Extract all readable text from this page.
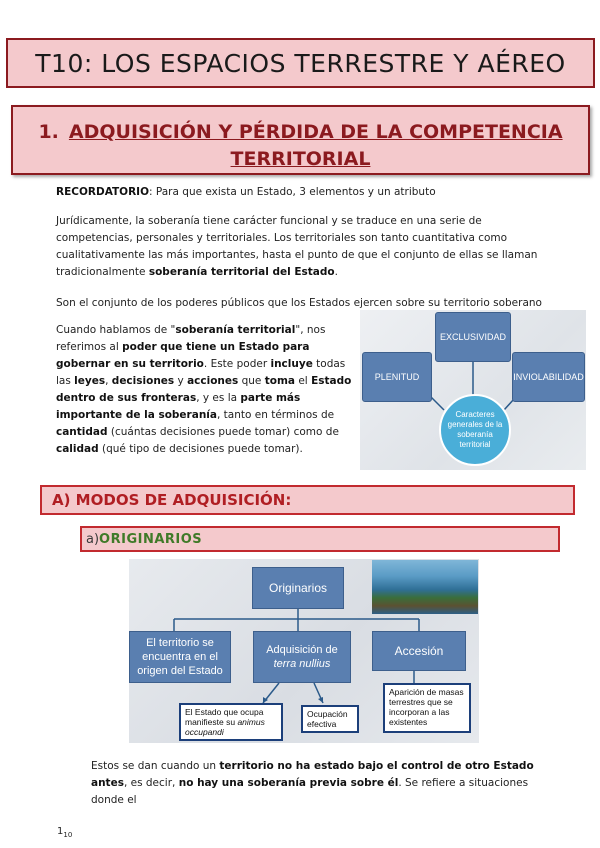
T10: LOS ESPACIOS TERRESTRE Y AÉREO
1. ADQUISICIÓN Y PÉRDIDA DE LA COMPETENCIA TERRITORIAL
RECORDATORIO: Para que exista un Estado, 3 elementos y un atributo
Jurídicamente, la soberanía tiene carácter funcional y se traduce en una serie de competencias, personales y territoriales. Los territoriales son tanto cuantitativa como cualitativamente las más importantes, hasta el punto de que el conjunto de ellas se llaman tradicionalmente soberanía territorial del Estado.
Son el conjunto de los poderes públicos que los Estados ejercen sobre su territorio soberano
Cuando hablamos de "soberanía territorial", nos referimos al poder que tiene un Estado para gobernar en su territorio. Este poder incluye todas las leyes, decisiones y acciones que toma el Estado dentro de sus fronteras, y es la parte más importante de la soberanía, tanto en términos de cantidad (cuántas decisiones puede tomar) como de calidad (qué tipo de decisiones puede tomar).
EXCLUSIVIDAD
PLENITUD	INVIOLABILIDAD
Caracteres generales de la soberanía territorial
A) MODOS DE ADQUISICIÓN:
a) ORIGINARIOS
Originarios
El territorio se encuentra en el origen del Estado
Adquisición de
terra nullius
Accesión
El Estado que ocupa manifieste su animus occupandi
Ocupación efectiva
Aparición de masas terrestres que se incorporan a las existentes
Estos se dan cuando un territorio no ha estado bajo el control de otro Estado antes, es decir, no hay una soberanía previa sobre él. Se refiere a situaciones donde el
$1_{10}$
